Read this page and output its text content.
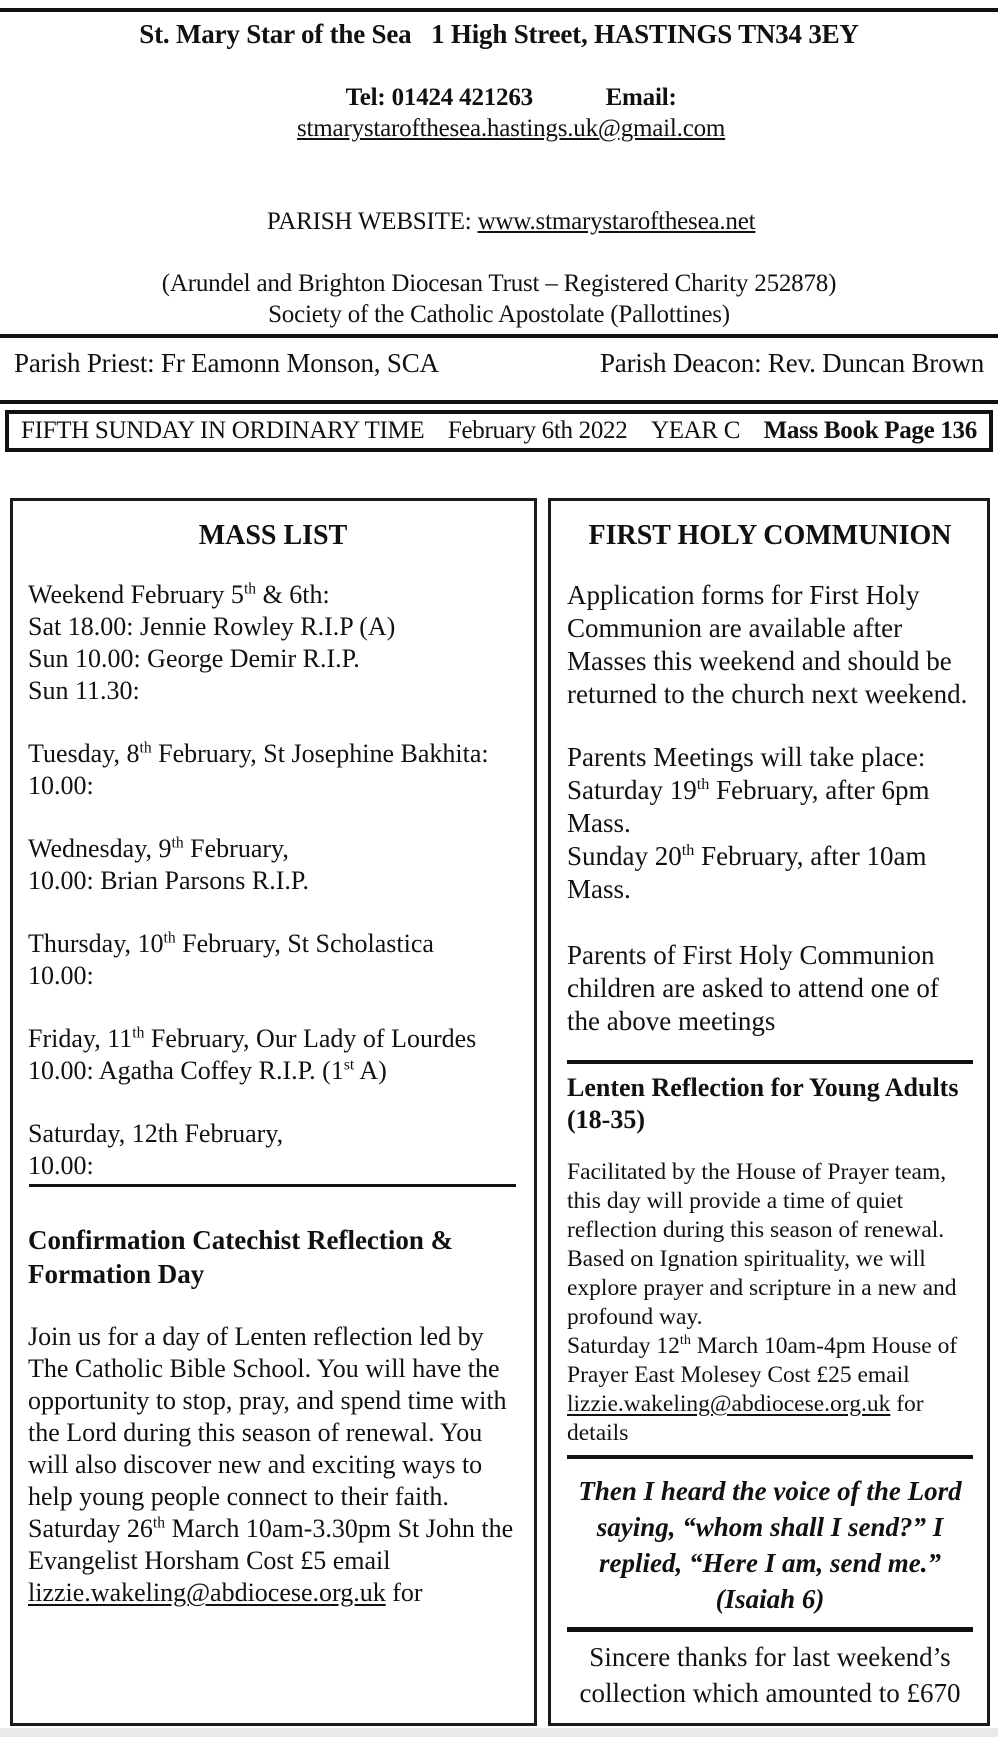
St. Mary Star of the Sea   1 High Street, HASTINGS TN34 3EY

Tel: 01424 421263	Email:
stmarystarofthesea.hastings.uk@gmail.com

PARISH WEBSITE: www.stmarystarofthesea.net

(Arundel and Brighton Diocesan Trust – Registered Charity 252878)
Society of the Catholic Apostolate (Pallottines)
Parish Priest: Fr Eamonn Monson, SCA	Parish Deacon: Rev. Duncan Brown
FIFTH SUNDAY IN ORDINARY TIME February 6th 2022 YEAR C Mass Book Page 136
MASS LIST
Weekend February 5th & 6th:
Sat 18.00: Jennie Rowley R.I.P (A)
Sun 10.00: George Demir R.I.P.
Sun 11.30:
Tuesday, 8th February, St Josephine Bakhita:
10.00:
Wednesday, 9th February,
10.00: Brian Parsons R.I.P.
Thursday, 10th February, St Scholastica
10.00:
Friday, 11th February, Our Lady of Lourdes
10.00: Agatha Coffey R.I.P. (1st A)
Saturday, 12th February,
10.00:
Confirmation Catechist Reflection & Formation Day
Join us for a day of Lenten reflection led by The Catholic Bible School. You will have the opportunity to stop, pray, and spend time with the Lord during this season of renewal. You will also discover new and exciting ways to help young people connect to their faith.
Saturday 26th March 10am-3.30pm St John the Evangelist Horsham Cost £5 email lizzie.wakeling@abdiocese.org.uk for
FIRST HOLY COMMUNION
Application forms for First Holy Communion are available after Masses this weekend and should be returned to the church next weekend.
Parents Meetings will take place:
Saturday 19th February, after 6pm Mass.
Sunday 20th February, after 10am Mass.
Parents of First Holy Communion children are asked to attend one of the above meetings
Lenten Reflection for Young Adults (18-35)
Facilitated by the House of Prayer team, this day will provide a time of quiet reflection during this season of renewal. Based on Ignation spirituality, we will explore prayer and scripture in a new and profound way.
Saturday 12th March 10am-4pm House of Prayer East Molesey Cost £25 email lizzie.wakeling@abdiocese.org.uk for details
Then I heard the voice of the Lord
saying, “whom shall I send?” I
replied, “Here I am, send me.”
(Isaiah 6)
Sincere thanks for last weekend’s collection which amounted to £670
